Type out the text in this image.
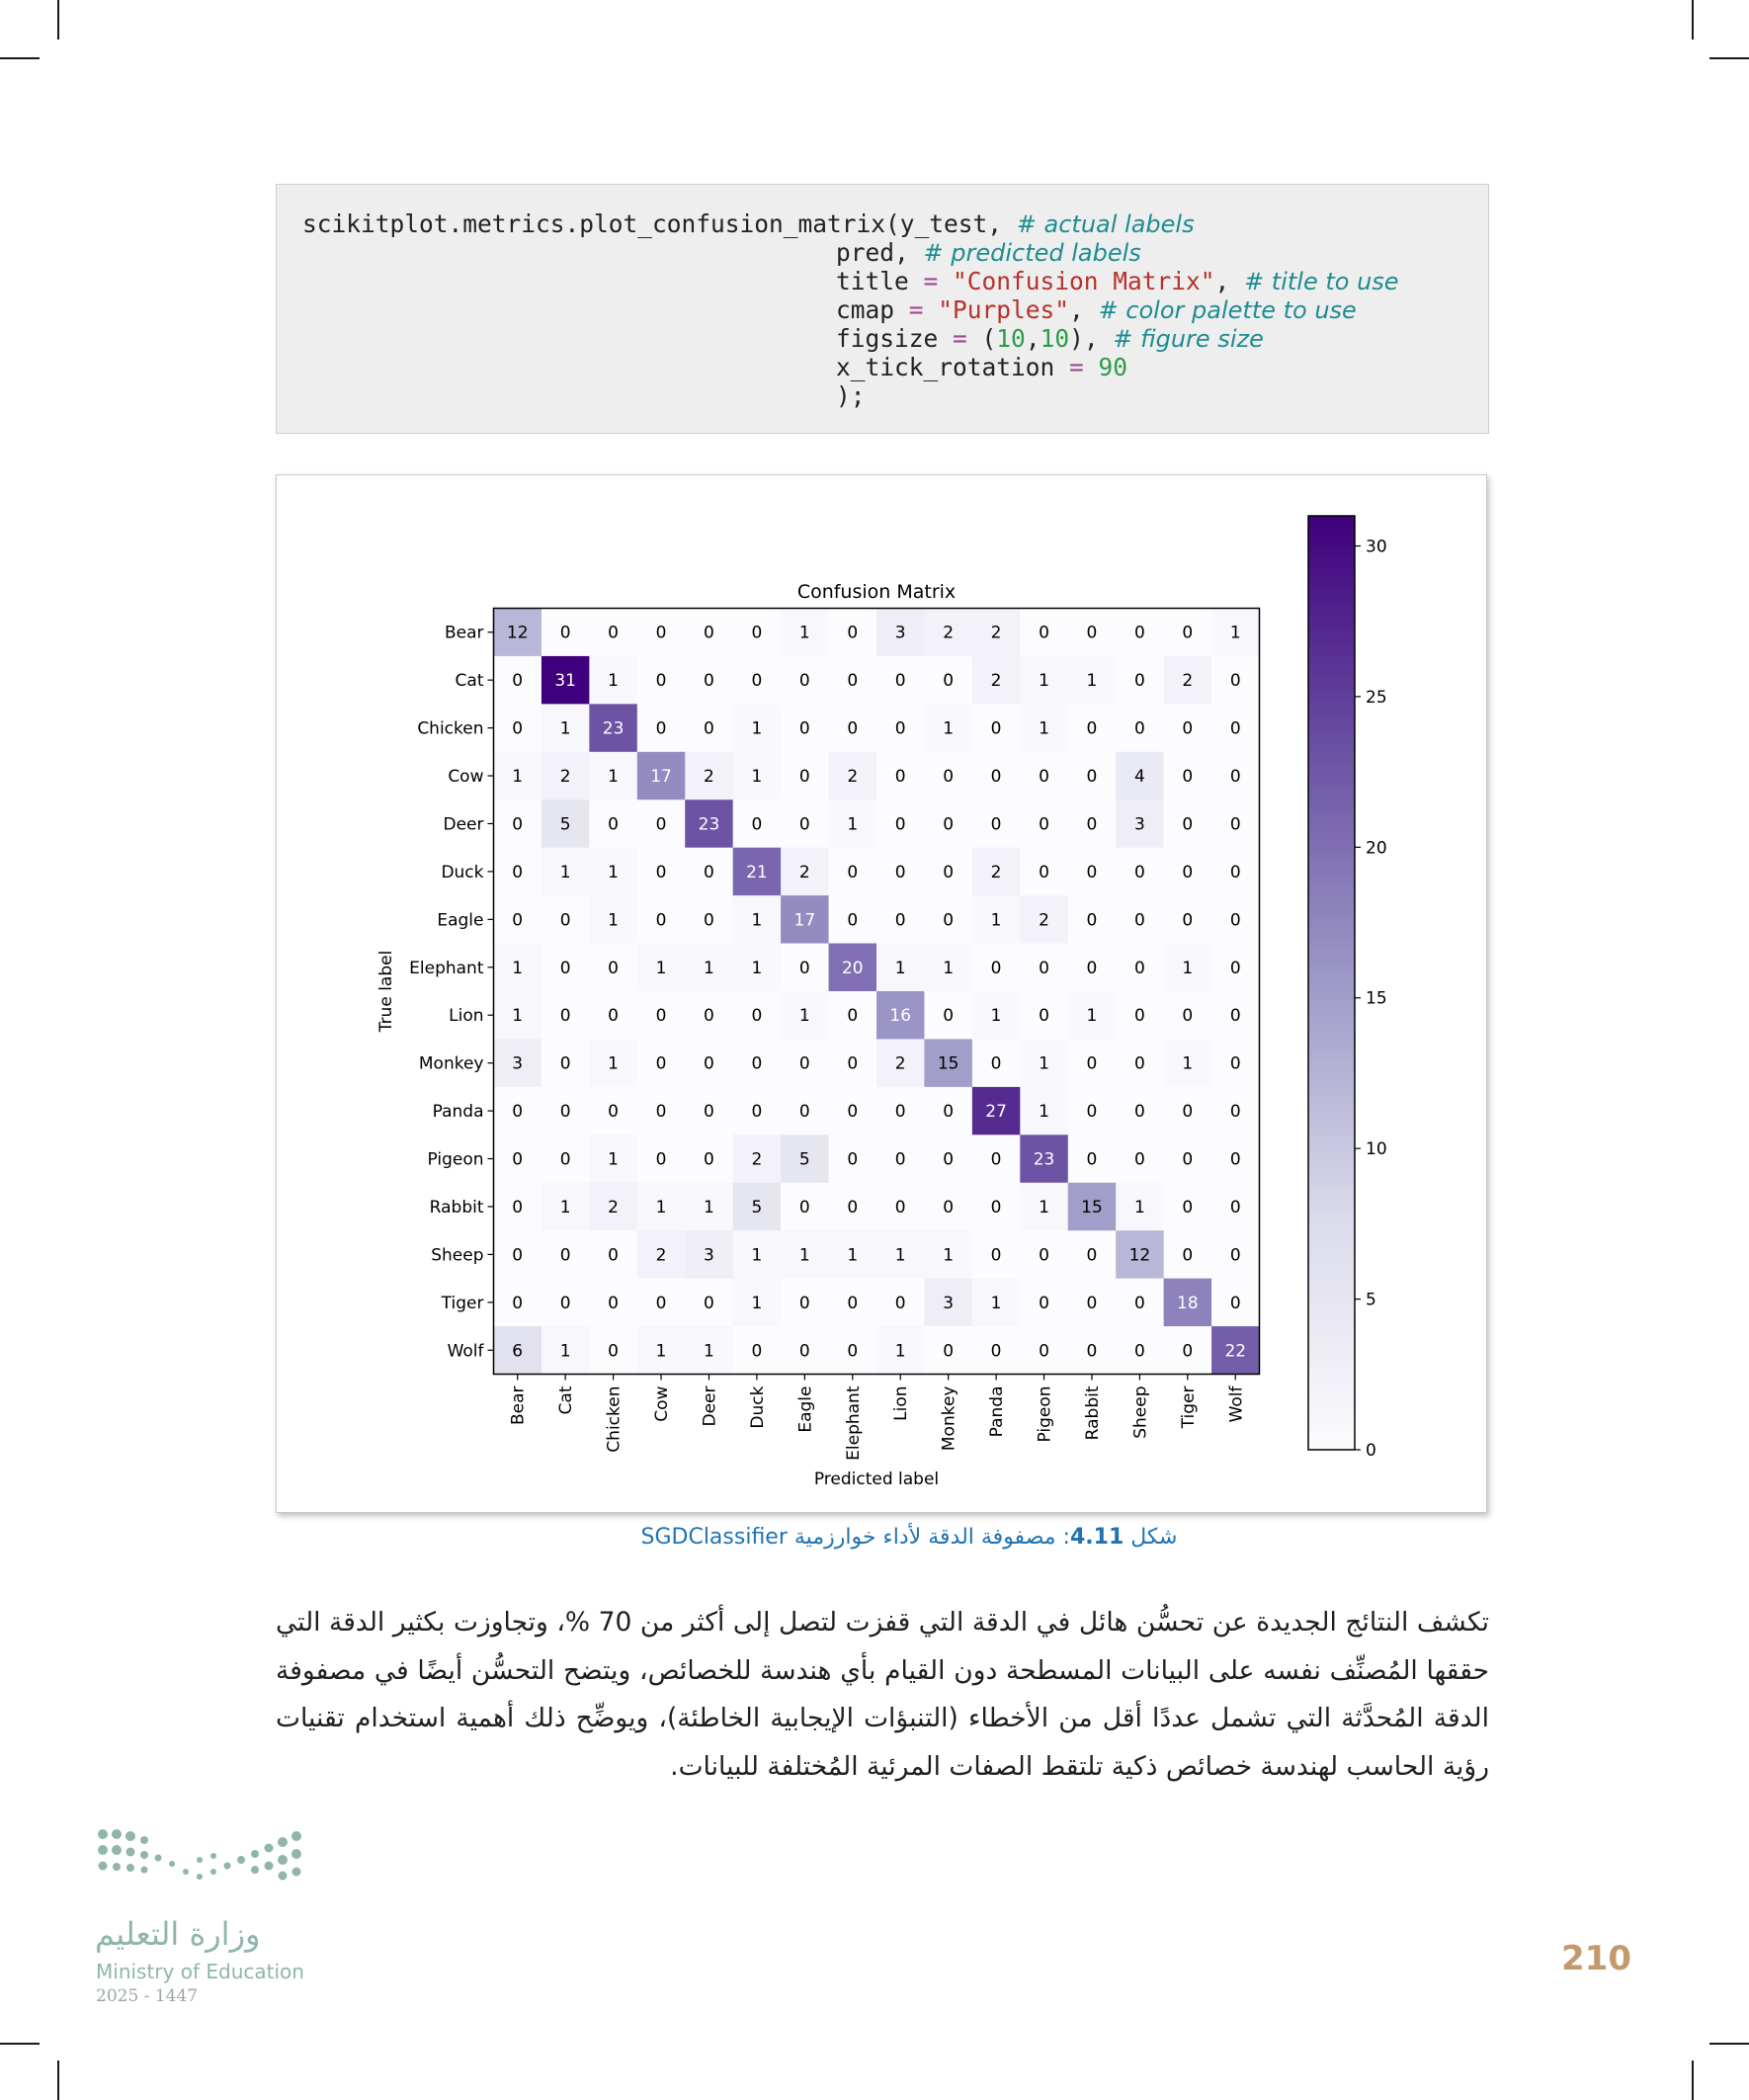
scikitplot.metrics.plot_confusion_matrix(y_test, # actual labels
pred, # predicted labels
title = "Confusion Matrix", # title to use
cmap = "Purples", # color palette to use
figsize = (10,10), # figure size
x_tick_rotation = 90
);
12 0 0 0 0 0 1 0 3 2 2 0 0 0 0 1
0 31 1 0 0 0 0 0 0 0 2 1 1 0 2 0
0 1 23 0 0 1 0 0 0 1 0 1 0 0 0 0
1 2 1 17 2 1 0 2 0 0 0 0 0 4 0 0
0 5 0 0 23 0 0 1 0 0 0 0 0 3 0 0
0 1 1 0 0 21 2 0 0 0 2 0 0 0 0 0
0 0 1 0 0 1 17 0 0 0 1 2 0 0 0 0
1 0 0 1 1 1 0 20 1 1 0 0 0 0 1 0
1 0 0 0 0 0 1 0 16 0 1 0 1 0 0 0
3 0 1 0 0 0 0 0 2 15 0 1 0 0 1 0
0 0 0 0 0 0 0 0 0 0 27 1 0 0 0 0
0 0 1 0 0 2 5 0 0 0 0 23 0 0 0 0
0 1 2 1 1 5 0 0 0 0 0 1 15 1 0 0
0 0 0 2 3 1 1 1 1 1 0 0 0 12 0 0
0 0 0 0 0 1 0 0 0 3 1 0 0 0 18 0
6 1 0 1 1 0 0 0 1 0 0 0 0 0 0 22
Bear
Bear
Cat
Cat
Chicken
Chicken
Cow
Cow
Deer
Deer
Duck
Duck
Eagle
Eagle
Elephant
Elephant
Lion
Lion
Monkey
Monkey
Panda
Panda
Pigeon
Pigeon
Rabbit
Rabbit
Sheep
Sheep
Tiger
Tiger
Wolf
Wolf
Confusion Matrix
Predicted label
True label
0
5
10
15
20
25
30
شكل 4.11: مصفوفة الدقة لأداء خوارزمية SGDClassifier
تكشف النتائج الجديدة عن تحسُّن هائل في الدقة التي قفزت لتصل إلى أكثر من 70 %، وتجاوزت بكثير الدقة التي حققها المُصنِّف نفسه على البيانات المسطحة دون القيام بأي هندسة للخصائص، ويتضح التحسُّن أيضًا في مصفوفة الدقة المُحدَّثة التي تشمل عددًا أقل من الأخطاء (التنبؤات الإيجابية الخاطئة)، ويوضِّح ذلك أهمية استخدام تقنيات رؤية الحاسب لهندسة خصائص ذكية تلتقط الصفات المرئية المُختلفة للبيانات.
وزارة التعليم
Ministry of Education
2025 - 1447
210
